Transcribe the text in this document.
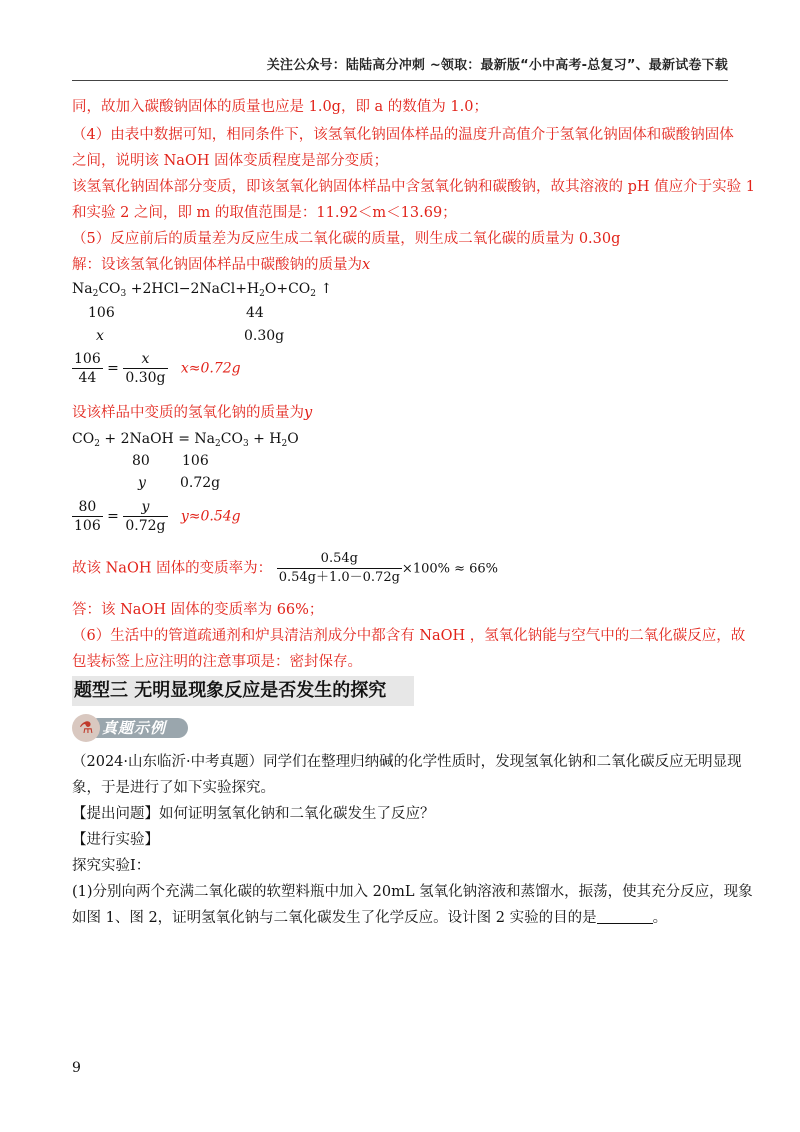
关注公众号：陆陆高分冲刺 ~领取：最新版“小中高考-总复习”、最新试卷下载
同，故加入碳酸钠固体的质量也应是 1.0g，即 a 的数值为 1.0；
（4）由表中数据可知，相同条件下，该氢氧化钠固体样品的温度升高值介于氢氧化钠固体和碳酸钠固体
之间，说明该 NaOH 固体变质程度是部分变质；
该氢氧化钠固体部分变质，即该氢氧化钠固体样品中含氢氧化钠和碳酸钠，故其溶液的 pH 值应介于实验 1
和实验 2 之间，即 m 的取值范围是：11.92＜m＜13.69；
（5）反应前后的质量差为反应生成二氧化碳的质量，则生成二氧化碳的质量为 0.30g
解：设该氢氧化钠固体样品中碳酸钠的质量为x
$Na_2CO_3$ $+2HCl-2NaCl+H_2O+CO_2$ ↑
106	44
x	0.30g
$\frac{106}{44} = \frac{x}{0.30g} x\approx 0.72g$
设该样品中变质的氢氧化钠的质量为y
$CO_2$ + 2NaOH = $Na_2CO_3 + H_2O$
80 106
y 0.72g
$\frac{80}{106} = \frac{y}{0.72g} y\approx 0.54g$
故该 NaOH 固体的变质率为： $\frac{0.54g}{0.54g+1.0-0.72g} \times 100\% \approx 66\%$
答：该 NaOH 固体的变质率为 66%；
（6）生活中的管道疏通剂和炉具清洁剂成分中都含有 NaOH ，氢氧化钠能与空气中的二氧化碳反应，故
包装标签上应注明的注意事项是：密封保存。
题型三 无明显现象反应是否发生的探究
⚗ 真题示例
（2024·山东临沂·中考真题）同学们在整理归纳碱的化学性质时，发现氢氧化钠和二氧化碳反应无明显现
象，于是进行了如下实验探究。
【提出问题】如何证明氢氧化钠和二氧化碳发生了反应？
【进行实验】
探究实验Ⅰ：
(1)分别向两个充满二氧化碳的软塑料瓶中加入 20mL 氢氧化钠溶液和蒸馏水，振荡，使其充分反应，现象
如图 1、图 2，证明氢氧化钠与二氧化碳发生了化学反应。设计图 2 实验的目的是	。
9
